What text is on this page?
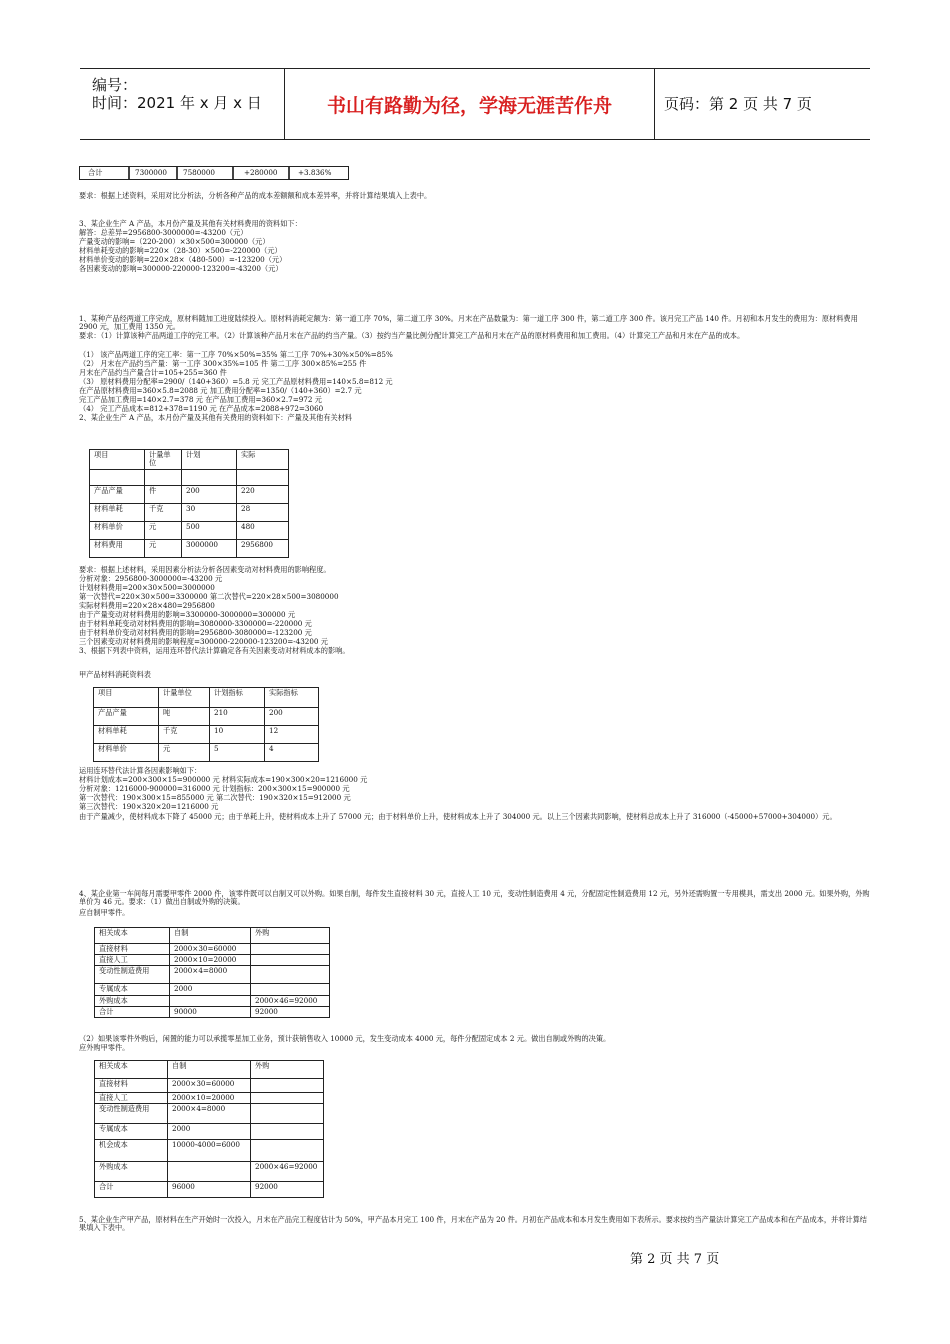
编号：
时间：2021 年 x 月 x 日	书山有路勤为径，学海无涯苦作舟	页码：第 2 页 共 7 页
合计	7300000 7580000	+280000	+3.836%
要求：根据上述资料，采用对比分析法，分析各种产品的成本差额额和成本差异率，并将计算结果填入上表中。
3、某企业生产 A 产品，本月份产量及其他有关材料费用的资料如下：
解答：总差异=2956800-3000000=-43200（元）
产量变动的影响=（220-200）×30×500=300000（元）
材料单耗变动的影响=220×（28-30）×500=-220000（元）
材料单价变动的影响=220×28×（480-500）=-123200（元）
各因素变动的影响=300000-220000-123200=-43200（元）
1、某种产品经两道工序完成，原材料随加工进度陆续投入。原材料消耗定额为：第一道工序 70%，第二道工序 30%。月末在产品数量为：第一道工序 300 件，第二道工序 300 件。该月完工产品 140 件。月初和本月发生的费用为：原材料费用 2900 元，加工费用 1350 元。
要求：（1）计算该种产品两道工序的完工率。（2）计算该种产品月末在产品的约当产量。（3）按约当产量比例分配计算完工产品和月末在产品的原材料费用和加工费用。（4）计算完工产品和月末在产品的成本。
（1） 该产品两道工序的完工率：第一工序 70%×50%=35% 第二工序 70%+30%×50%=85%
（2） 月末在产品约当产量：第一工序 300×35%=105 件 第二工序 300×85%=255 件
月末在产品约当产量合计=105+255=360 件
（3） 原材料费用分配率=2900/（140+360）=5.8 元 完工产品原材料费用=140×5.8=812 元
在产品原材料费用=360×5.8=2088 元 加工费用分配率=1350/（140+360）=2.7 元
完工产品加工费用=140×2.7=378 元 在产品加工费用=360×2.7=972 元
（4） 完工产品成本=812+378=1190 元 在产品成本=2088+972=3060
2、某企业生产 A 产品，本月份产量及其他有关费用的资料如下：产量及其他有关材料
项目	计量单位	计划	实际

产品产量	件	200	220
材料单耗	千克	30	28
材料单价	元	500	480
材料费用	元	3000000	2956800
要求：根据上述材料，采用因素分析法分析各因素变动对材料费用的影响程度。
分析对象：2956800-3000000=-43200 元
计划材料费用=200×30×500=3000000
第一次替代=220×30×500=3300000 第二次替代=220×28×500=3080000
实际材料费用=220×28×480=2956800
由于产量变动对材料费用的影响=3300000-3000000=300000 元
由于材料单耗变动对材料费用的影响=3080000-3300000=-220000 元
由于材料单价变动对材料费用的影响=2956800-3080000=-123200 元
三个因素变动对材料费用的影响程度=300000-220000-123200=-43200 元
3、根据下列表中资料，运用连环替代法计算确定各有关因素变动对材料成本的影响。
甲产品材料消耗资料表
项目	计量单位	计划指标	实际指标
产品产量	吨	210	200
材料单耗	千克	10	12
材料单价	元	5	4
运用连环替代法计算各因素影响如下：
材料计划成本=200×300×15=900000 元 材料实际成本=190×300×20=1216000 元
分析对象：1216000-900000=316000 元 计划指标：200×300×15=900000 元
第一次替代：190×300×15=855000 元 第二次替代：190×320×15=912000 元
第三次替代：190×320×20=1216000 元
由于产量减少，使材料成本下降了 45000 元；由于单耗上升，使材料成本上升了 57000 元；由于材料单价上升，使材料成本上升了 304000 元。以上三个因素共同影响，使材料总成本上升了 316000（-45000+57000+304000）元。
4、某企业第一车间每月需要甲零件 2000 件，该零件既可以自制又可以外购。如果自制，每件发生直接材料 30 元，直接人工 10 元，变动性制造费用 4 元，分配固定性制造费用 12 元，另外还需购置一专用模具，需支出 2000 元。如果外购，外购单价为 46 元。要求：（1）做出自制或外购的决策。
应自制甲零件。
相关成本	自制	外购
直接材料	2000×30=60000	
直接人工	2000×10=20000	
变动性制造费用	2000×4=8000	
专属成本	2000	
外购成本		2000×46=92000
合计	90000	92000
（2）如果该零件外购后，闲置的能力可以承揽零星加工业务，预计获销售收入 10000 元，发生变动成本 4000 元，每件分配固定成本 2 元。做出自制或外购的决策。
应外购甲零件。
相关成本	自制	外购
直接材料	2000×30=60000	
直接人工	2000×10=20000	
变动性制造费用	2000×4=8000	
专属成本	2000	
机会成本	10000-4000=6000	
外购成本		2000×46=92000
合计	96000	92000
5、某企业生产甲产品，原材料在生产开始时一次投入，月末在产品完工程度估计为 50%，甲产品本月完工 100 件，月末在产品为 20 件。月初在产品成本和本月发生费用如下表所示。要求按约当产量法计算完工产品成本和在产品成本，并将计算结果填入下表中。
第 2 页 共 7 页
